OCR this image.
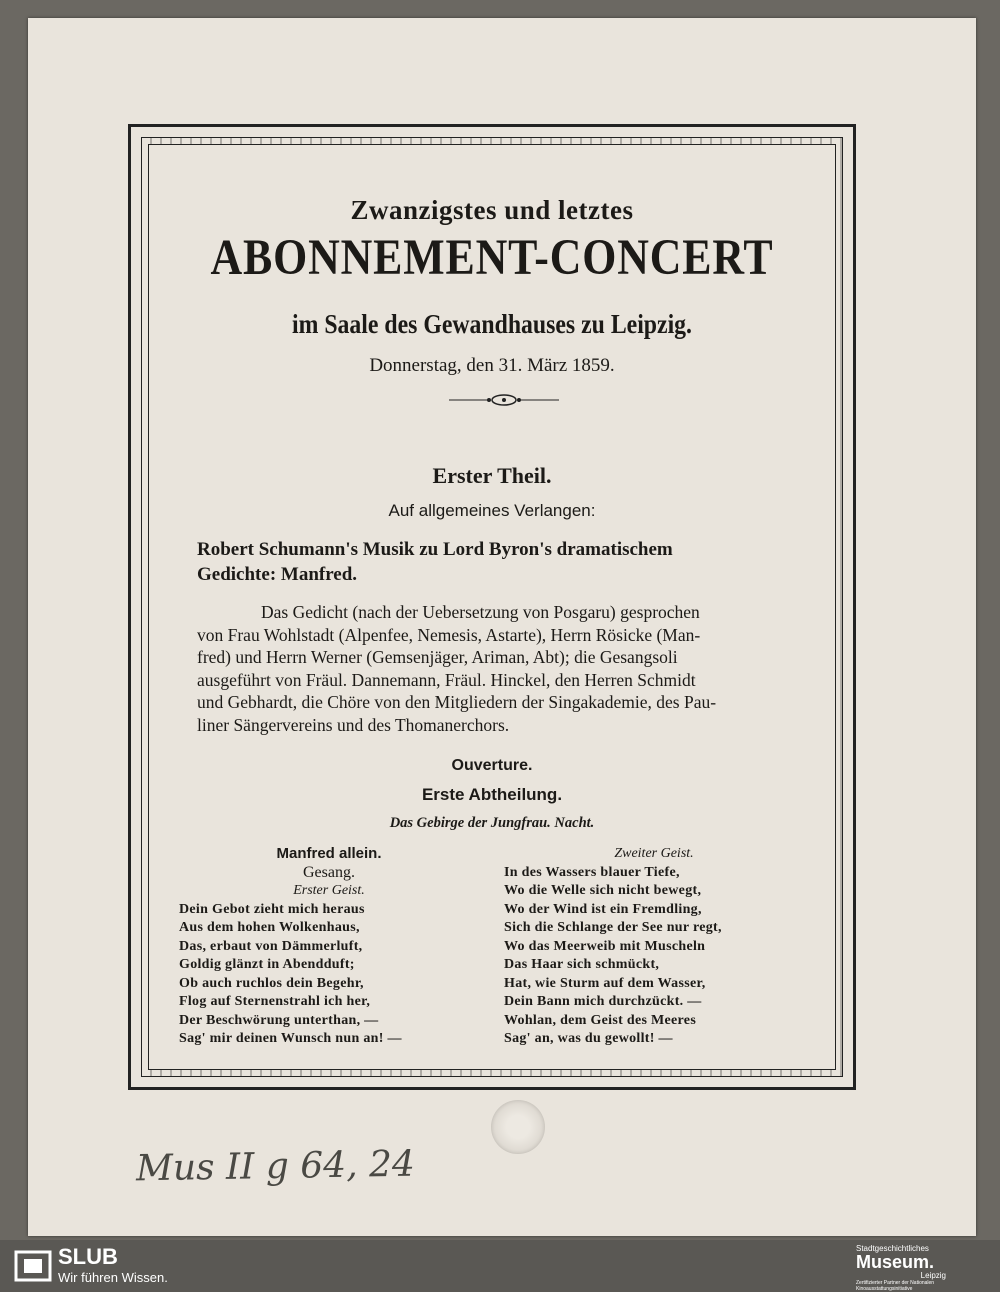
Zwanzigstes und letztes
ABONNEMENT-CONCERT
im Saale des Gewandhauses zu Leipzig.
Donnerstag, den 31. März 1859.
Erster Theil.
Auf allgemeines Verlangen:
Robert Schumann's Musik zu Lord Byron's dramatischem
Gedichte: Manfred.
Das Gedicht (nach der Uebersetzung von Posgaru) gesprochen
von Frau Wohlstadt (Alpenfee, Nemesis, Astarte), Herrn Rösicke (Man-
fred) und Herrn Werner (Gemsenjäger, Ariman, Abt); die Gesangsoli
ausgeführt von Fräul. Dannemann, Fräul. Hinckel, den Herren Schmidt
und Gebhardt, die Chöre von den Mitgliedern der Singakademie, des Pau-
liner Sängervereins und des Thomanerchors.
Ouverture.
Erste Abtheilung.
Das Gebirge der Jungfrau. Nacht.
Manfred allein.
Gesang.
Erster Geist.
Dein Gebot zieht mich heraus
Aus dem hohen Wolkenhaus,
Das, erbaut von Dämmerluft,
Goldig glänzt in Abendduft;
Ob auch ruchlos dein Begehr,
Flog auf Sternenstrahl ich her,
Der Beschwörung unterthan, —
Sag' mir deinen Wunsch nun an! —
Zweiter Geist.
In des Wassers blauer Tiefe,
Wo die Welle sich nicht bewegt,
Wo der Wind ist ein Fremdling,
Sich die Schlange der See nur regt,
Wo das Meerweib mit Muscheln
Das Haar sich schmückt,
Hat, wie Sturm auf dem Wasser,
Dein Bann mich durchzückt. —
Wohlan, dem Geist des Meeres
Sag' an, was du gewollt! —
Mus II g 64, 24
SLUB
Wir führen Wissen.
Stadtgeschichtliches
Museum.
Leipzig
Zertifizierter Partner der Nationalen Kinoausstattungsinitiative
